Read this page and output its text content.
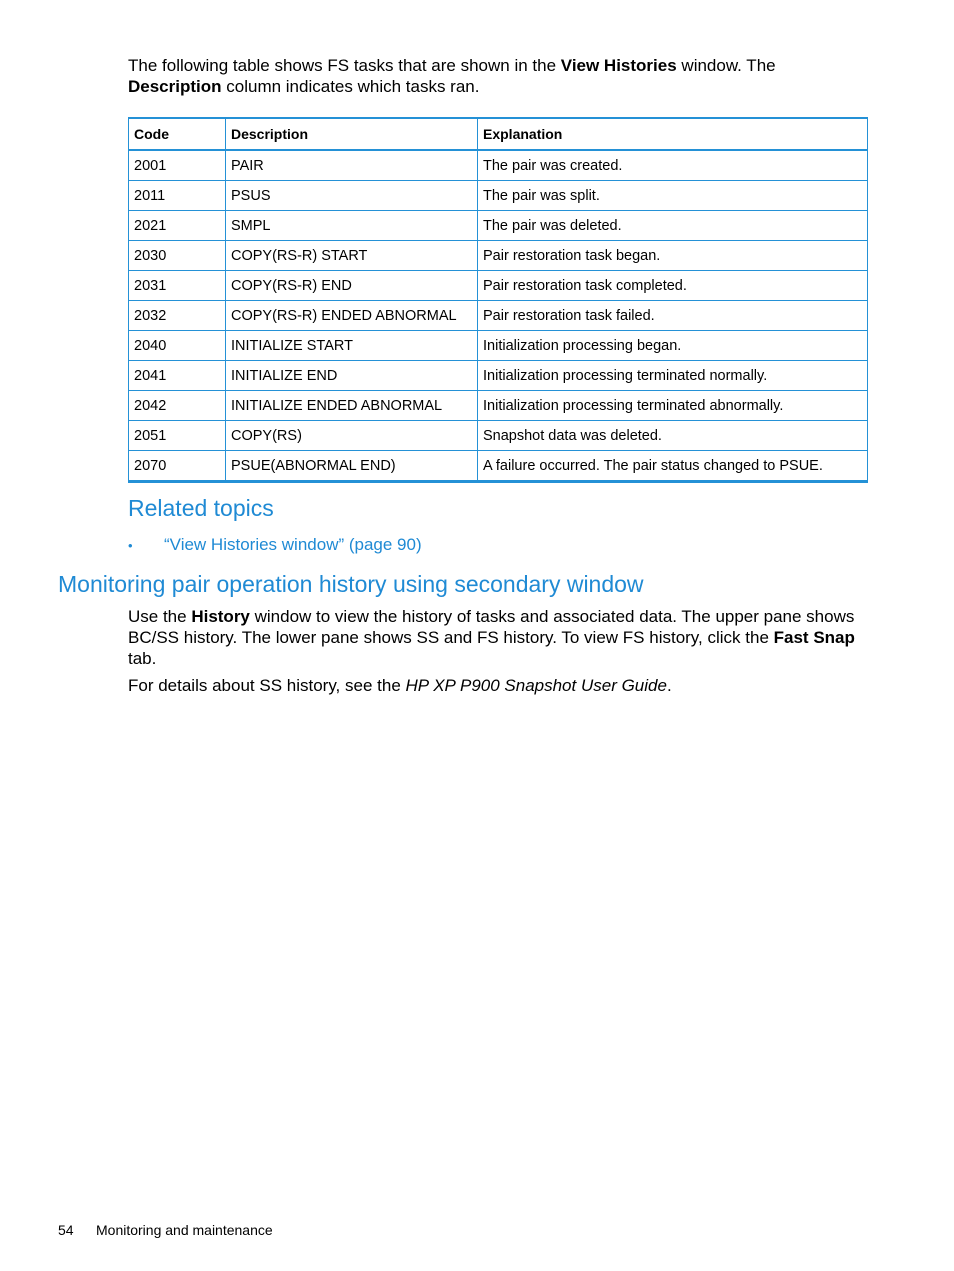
The following table shows FS tasks that are shown in the View Histories window. The Description column indicates which tasks ran.

Code	Description	Explanation
2001	PAIR	The pair was created.
2011	PSUS	The pair was split.
2021	SMPL	The pair was deleted.
2030	COPY(RS-R) START	Pair restoration task began.
2031	COPY(RS-R) END	Pair restoration task completed.
2032	COPY(RS-R) ENDED ABNORMAL	Pair restoration task failed.
2040	INITIALIZE START	Initialization processing began.
2041	INITIALIZE END	Initialization processing terminated normally.
2042	INITIALIZE ENDED ABNORMAL	Initialization processing terminated abnormally.
2051	COPY(RS)	Snapshot data was deleted.
2070	PSUE(ABNORMAL END)	A failure occurred. The pair status changed to PSUE.
Related topics
•	“View Histories window” (page 90)
Monitoring pair operation history using secondary window

Use the History window to view the history of tasks and associated data. The upper pane shows BC/SS history. The lower pane shows SS and FS history. To view FS history, click the Fast Snap tab.

For details about SS history, see the HP XP P900 Snapshot User Guide.

54	Monitoring and maintenance
